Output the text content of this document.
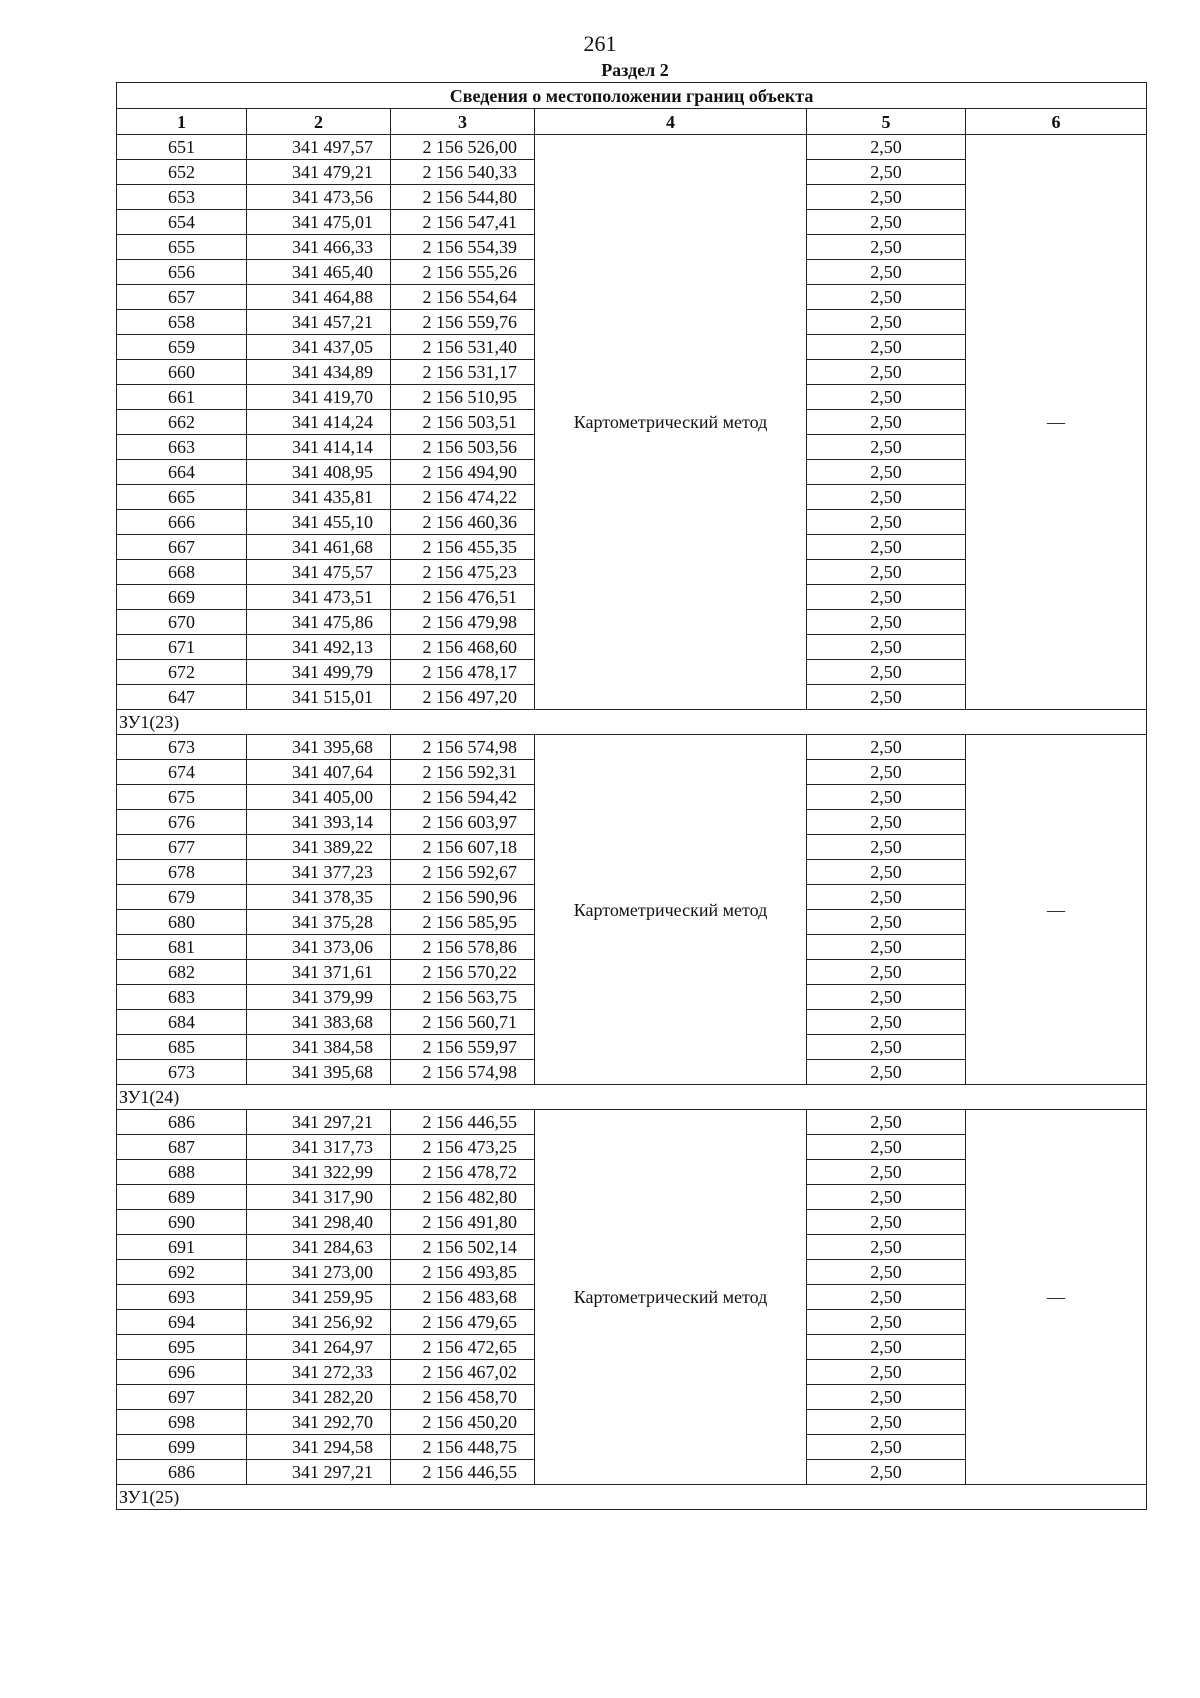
261
Раздел 2
Сведения о местоположении границ объекта					
1	2	3	4	5	6
651	341 497,57	2 156 526,00	Картометрический метод	2,50	—
652	341 479,21	2 156 540,33		2,50	
653	341 473,56	2 156 544,80		2,50	
654	341 475,01	2 156 547,41		2,50	
655	341 466,33	2 156 554,39		2,50	
656	341 465,40	2 156 555,26		2,50	
657	341 464,88	2 156 554,64		2,50	
658	341 457,21	2 156 559,76		2,50	
659	341 437,05	2 156 531,40		2,50	
660	341 434,89	2 156 531,17		2,50	
661	341 419,70	2 156 510,95		2,50	
662	341 414,24	2 156 503,51		2,50	
663	341 414,14	2 156 503,56		2,50	
664	341 408,95	2 156 494,90		2,50	
665	341 435,81	2 156 474,22		2,50	
666	341 455,10	2 156 460,36		2,50	
667	341 461,68	2 156 455,35		2,50	
668	341 475,57	2 156 475,23		2,50	
669	341 473,51	2 156 476,51		2,50	
670	341 475,86	2 156 479,98		2,50	
671	341 492,13	2 156 468,60		2,50	
672	341 499,79	2 156 478,17		2,50	
647	341 515,01	2 156 497,20		2,50	
ЗУ1(23)					
673	341 395,68	2 156 574,98	Картометрический метод	2,50	—
674	341 407,64	2 156 592,31		2,50	
675	341 405,00	2 156 594,42		2,50	
676	341 393,14	2 156 603,97		2,50	
677	341 389,22	2 156 607,18		2,50	
678	341 377,23	2 156 592,67		2,50	
679	341 378,35	2 156 590,96		2,50	
680	341 375,28	2 156 585,95		2,50	
681	341 373,06	2 156 578,86		2,50	
682	341 371,61	2 156 570,22		2,50	
683	341 379,99	2 156 563,75		2,50	
684	341 383,68	2 156 560,71		2,50	
685	341 384,58	2 156 559,97		2,50	
673	341 395,68	2 156 574,98		2,50	
ЗУ1(24)					
686	341 297,21	2 156 446,55	Картометрический метод	2,50	—
687	341 317,73	2 156 473,25		2,50	
688	341 322,99	2 156 478,72		2,50	
689	341 317,90	2 156 482,80		2,50	
690	341 298,40	2 156 491,80		2,50	
691	341 284,63	2 156 502,14		2,50	
692	341 273,00	2 156 493,85		2,50	
693	341 259,95	2 156 483,68		2,50	
694	341 256,92	2 156 479,65		2,50	
695	341 264,97	2 156 472,65		2,50	
696	341 272,33	2 156 467,02		2,50	
697	341 282,20	2 156 458,70		2,50	
698	341 292,70	2 156 450,20		2,50	
699	341 294,58	2 156 448,75		2,50	
686	341 297,21	2 156 446,55		2,50	
ЗУ1(25)					
